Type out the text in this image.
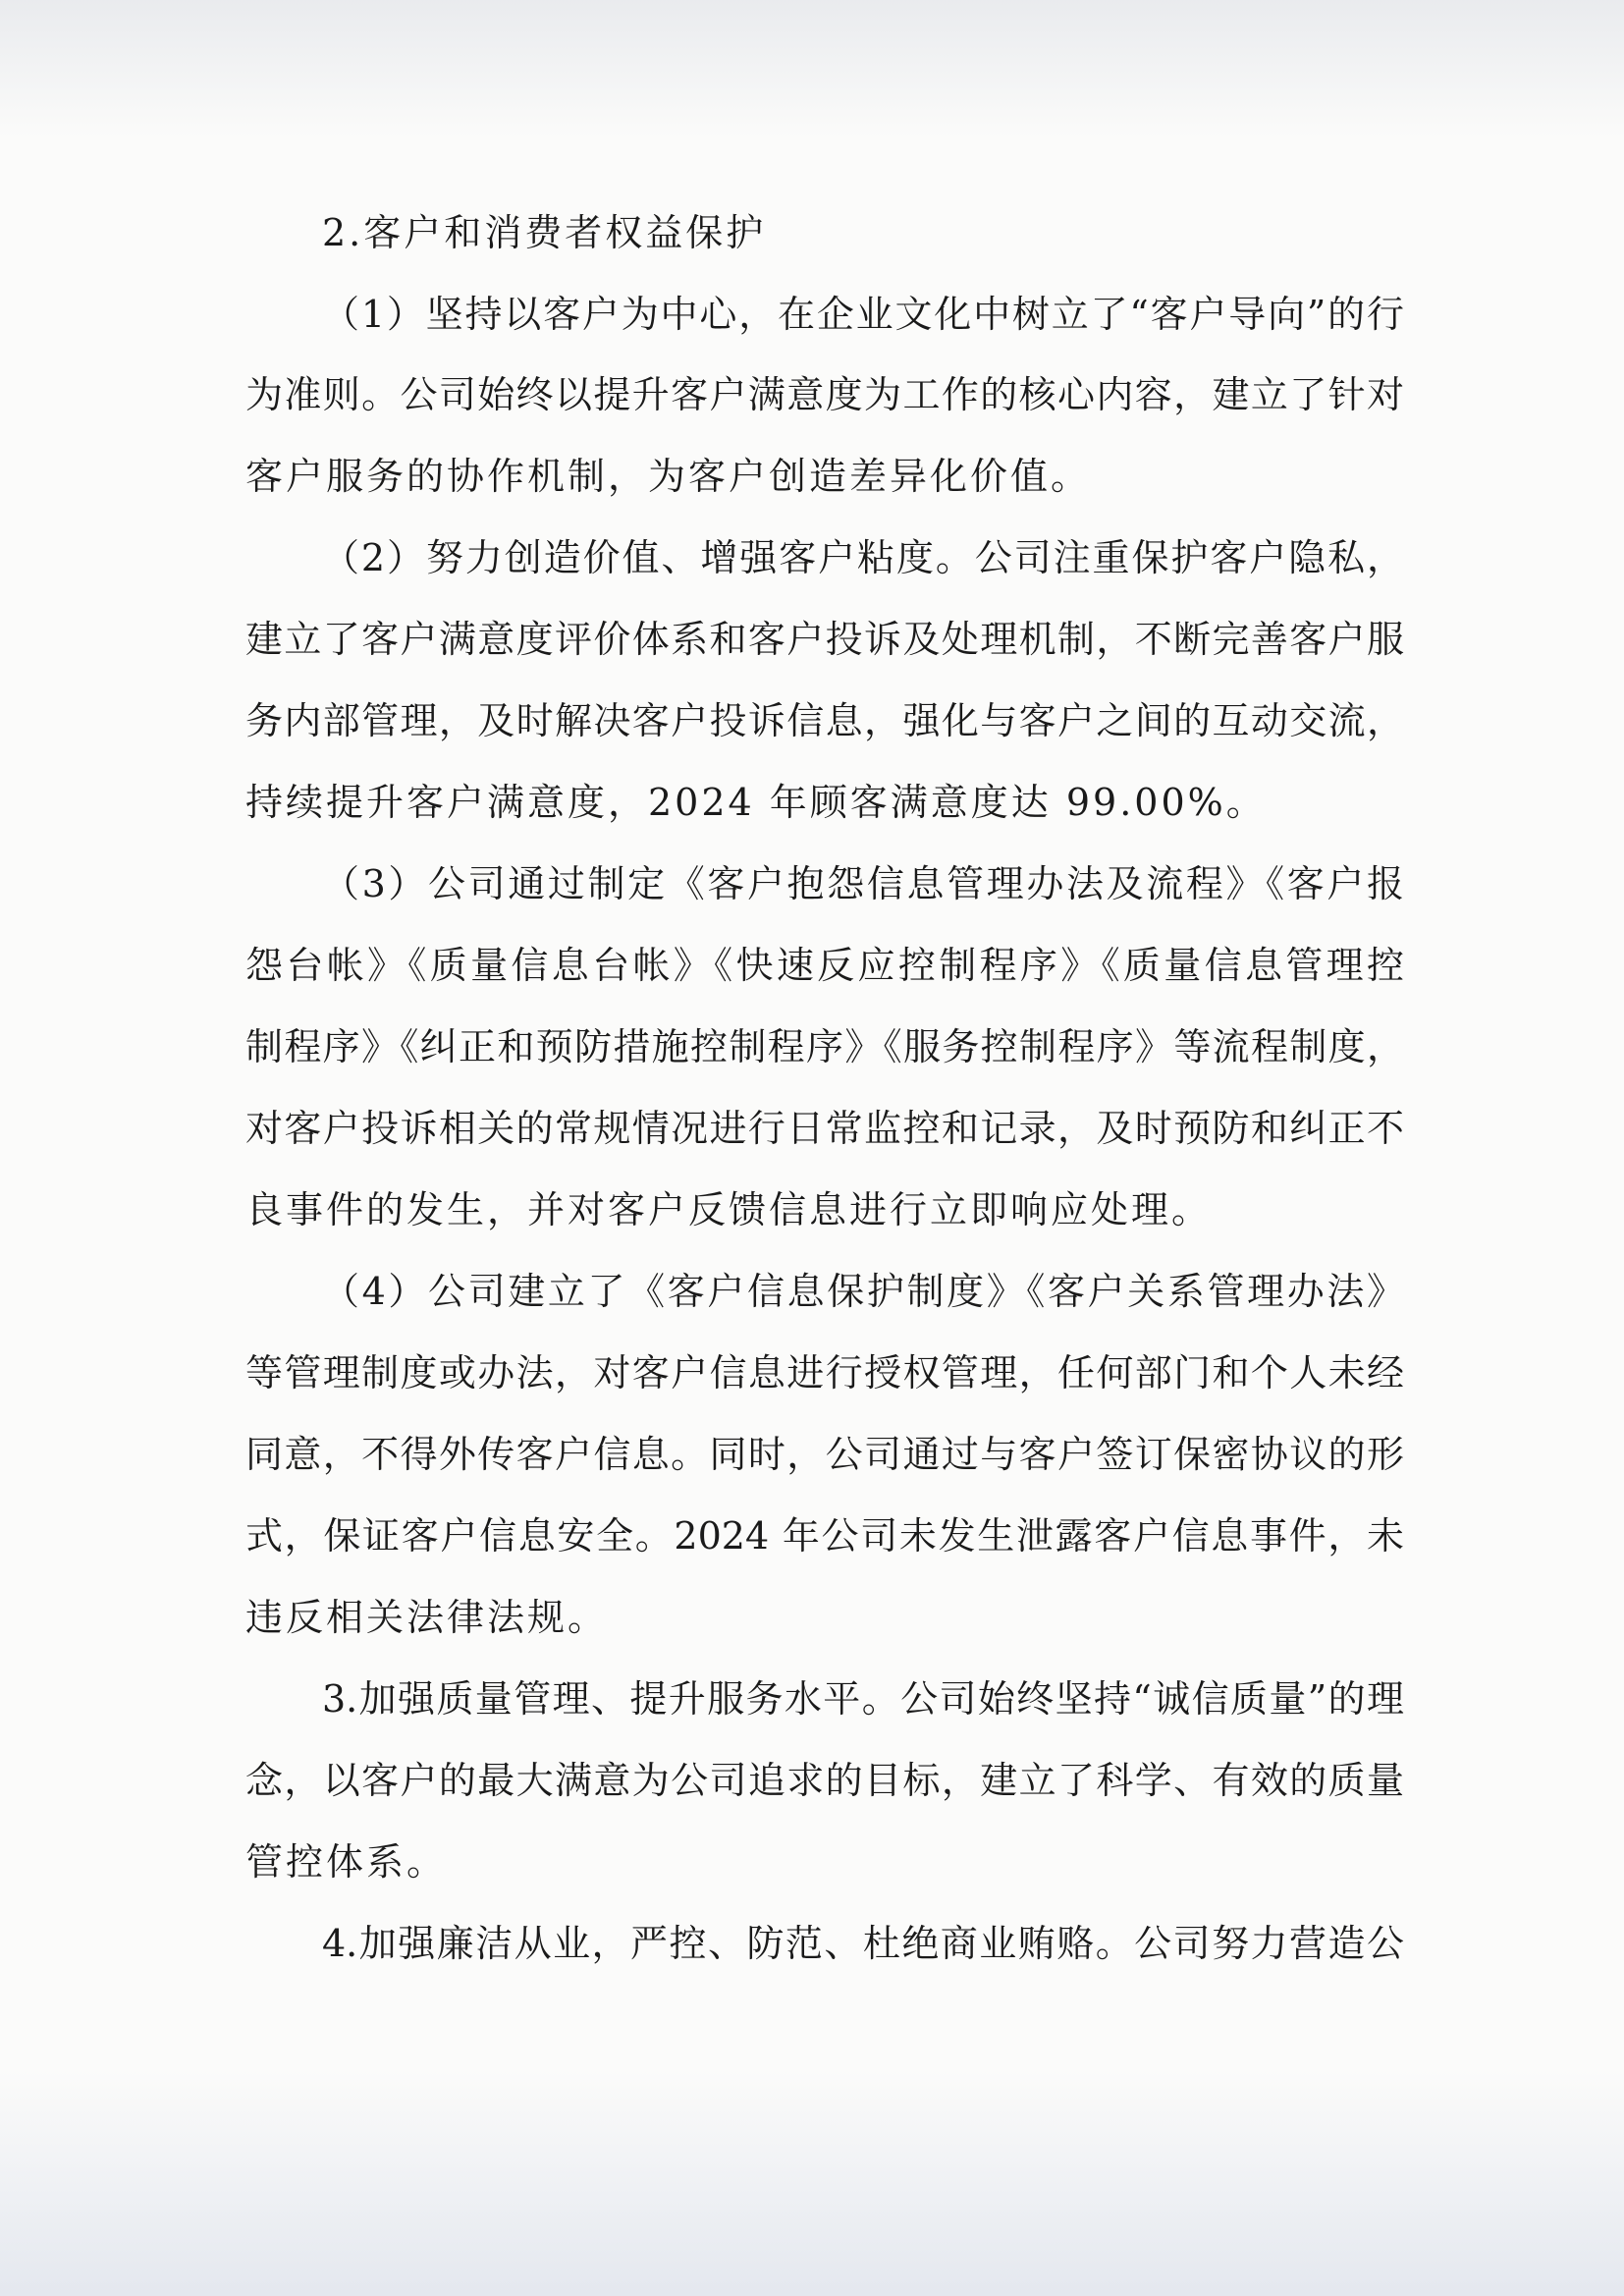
2.客户和消费者权益保护
（1）坚持以客户为中心，在企业文化中树立了“客户导向”的行
为准则。公司始终以提升客户满意度为工作的核心内容，建立了针对
客户服务的协作机制，为客户创造差异化价值。
（2）努力创造价值、增强客户粘度。公司注重保护客户隐私，
建立了客户满意度评价体系和客户投诉及处理机制，不断完善客户服
务内部管理，及时解决客户投诉信息，强化与客户之间的互动交流，
持续提升客户满意度，2024 年顾客满意度达 99.00%。
（3）公司通过制定《客户抱怨信息管理办法及流程》《客户报
怨台帐》《质量信息台帐》《快速反应控制程序》《质量信息管理控
制程序》《纠正和预防措施控制程序》《服务控制程序》等流程制度，
对客户投诉相关的常规情况进行日常监控和记录，及时预防和纠正不
良事件的发生，并对客户反馈信息进行立即响应处理。
（4）公司建立了《客户信息保护制度》《客户关系管理办法》
等管理制度或办法，对客户信息进行授权管理，任何部门和个人未经
同意，不得外传客户信息。同时，公司通过与客户签订保密协议的形
式，保证客户信息安全。2024 年公司未发生泄露客户信息事件，未
违反相关法律法规。
3.加强质量管理、提升服务水平。公司始终坚持“诚信质量”的理
念，以客户的最大满意为公司追求的目标，建立了科学、有效的质量
管控体系。
4.加强廉洁从业，严控、防范、杜绝商业贿赂。公司努力营造公
